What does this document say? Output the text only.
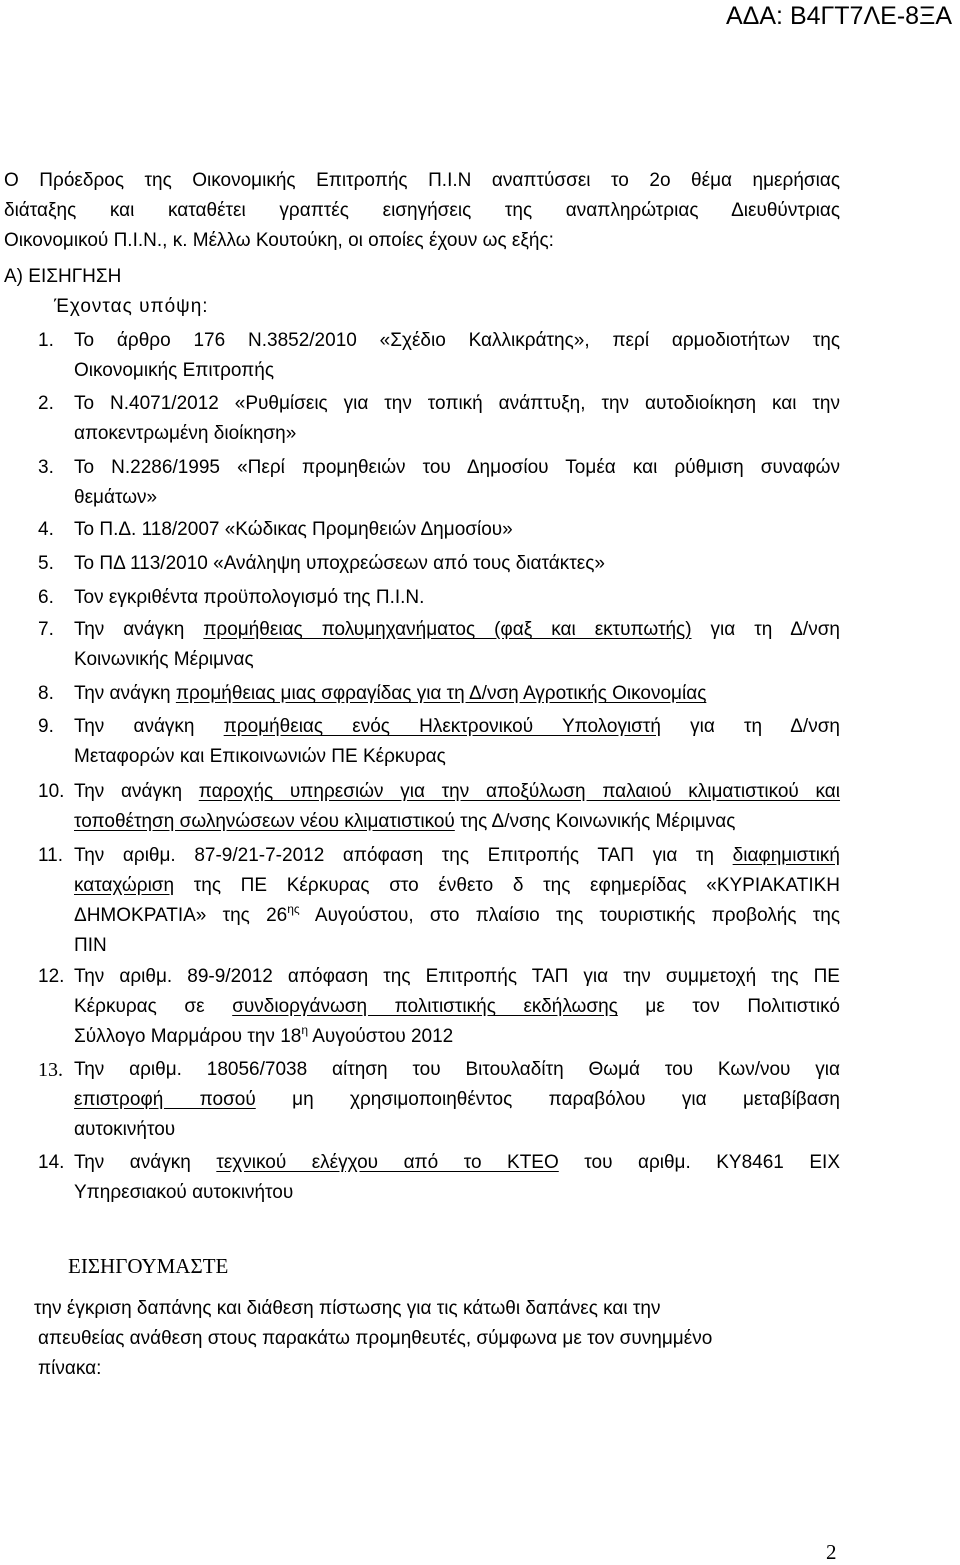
ΑΔΑ: Β4ΓΤ7ΛΕ-8ΞΑ
Ο Πρόεδρος της Οικονομικής Επιτροπής Π.Ι.Ν αναπτύσσει το 2ο θέμα ημερήσιας
διάταξης και καταθέτει γραπτές εισηγήσεις της αναπληρώτριας Διευθύντριας
Οικονομικού Π.Ι.Ν., κ. Μέλλω Κουτούκη, οι οποίες έχουν ως εξής:
Α) ΕΙΣΗΓΗΣΗ
Έχοντας υπόψη:
1. Το άρθρο 176 Ν.3852/2010 «Σχέδιο Καλλικράτης», περί αρμοδιοτήτων της
Οικονομικής Επιτροπής
2. Το Ν.4071/2012 «Ρυθμίσεις για την τοπική ανάπτυξη, την αυτοδιοίκηση και την
αποκεντρωμένη διοίκηση»
3. Το Ν.2286/1995 «Περί προμηθειών του Δημοσίου Τομέα και ρύθμιση συναφών
θεμάτων»
4. Το Π.Δ. 118/2007 «Κώδικας Προμηθειών Δημοσίου»
5. Το ΠΔ 113/2010 «Ανάληψη υποχρεώσεων από τους διατάκτες»
6. Τον εγκριθέντα προϋπολογισμό της Π.Ι.Ν.
7. Την ανάγκη προμήθειας πολυμηχανήματος (φαξ και εκτυπωτής) για τη Δ/νση
Κοινωνικής Μέριμνας
8. Την ανάγκη προμήθειας μιας σφραγίδας για τη Δ/νση Αγροτικής Οικονομίας
9. Την ανάγκη προμήθειας ενός Ηλεκτρονικού Υπολογιστή για τη Δ/νση
Μεταφορών και Επικοινωνιών ΠΕ Κέρκυρας
10. Την ανάγκη παροχής υπηρεσιών για την αποξύλωση παλαιού κλιματιστικού και
τοποθέτηση σωληνώσεων νέου κλιματιστικού της Δ/νσης Κοινωνικής Μέριμνας
11. Την αριθμ. 87-9/21-7-2012 απόφαση της Επιτροπής ΤΑΠ για τη διαφημιστική
καταχώριση της ΠΕ Κέρκυρας στο ένθετο δ της εφημερίδας «ΚΥΡΙΑΚΑΤΙΚΗ
ΔΗΜΟΚΡΑΤΙΑ» της $26^{\eta\varsigma}$ Αυγούστου, στο πλαίσιο της τουριστικής προβολής της
ΠΙΝ
12. Την αριθμ. 89-9/2012 απόφαση της Επιτροπής ΤΑΠ για την συμμετοχή της ΠΕ
Κέρκυρας σε συνδιοργάνωση πολιτιστικής εκδήλωσης με τον Πολιτιστικό
Σύλλογο Μαρμάρου την $18^\eta$ Αυγούστου 2012
13. Την αριθμ. 18056/7038 αίτηση του Βιτουλαδίτη Θωμά του Κων/νου για
επιστροφή ποσού μη χρησιμοποιηθέντος παραβόλου για μεταβίβαση
αυτοκινήτου
14. Την ανάγκη τεχνικού ελέγχου από το ΚΤΕΟ του αριθμ. ΚΥ8461 ΕΙΧ
Υπηρεσιακού αυτοκινήτου
ΕΙΣΗΓΟΥΜΑΣΤΕ
την έγκριση δαπάνης και διάθεση πίστωσης για τις κάτωθι δαπάνες και την
απευθείας ανάθεση στους παρακάτω προμηθευτές, σύμφωνα με τον συνημμένο
πίνακα:
2
